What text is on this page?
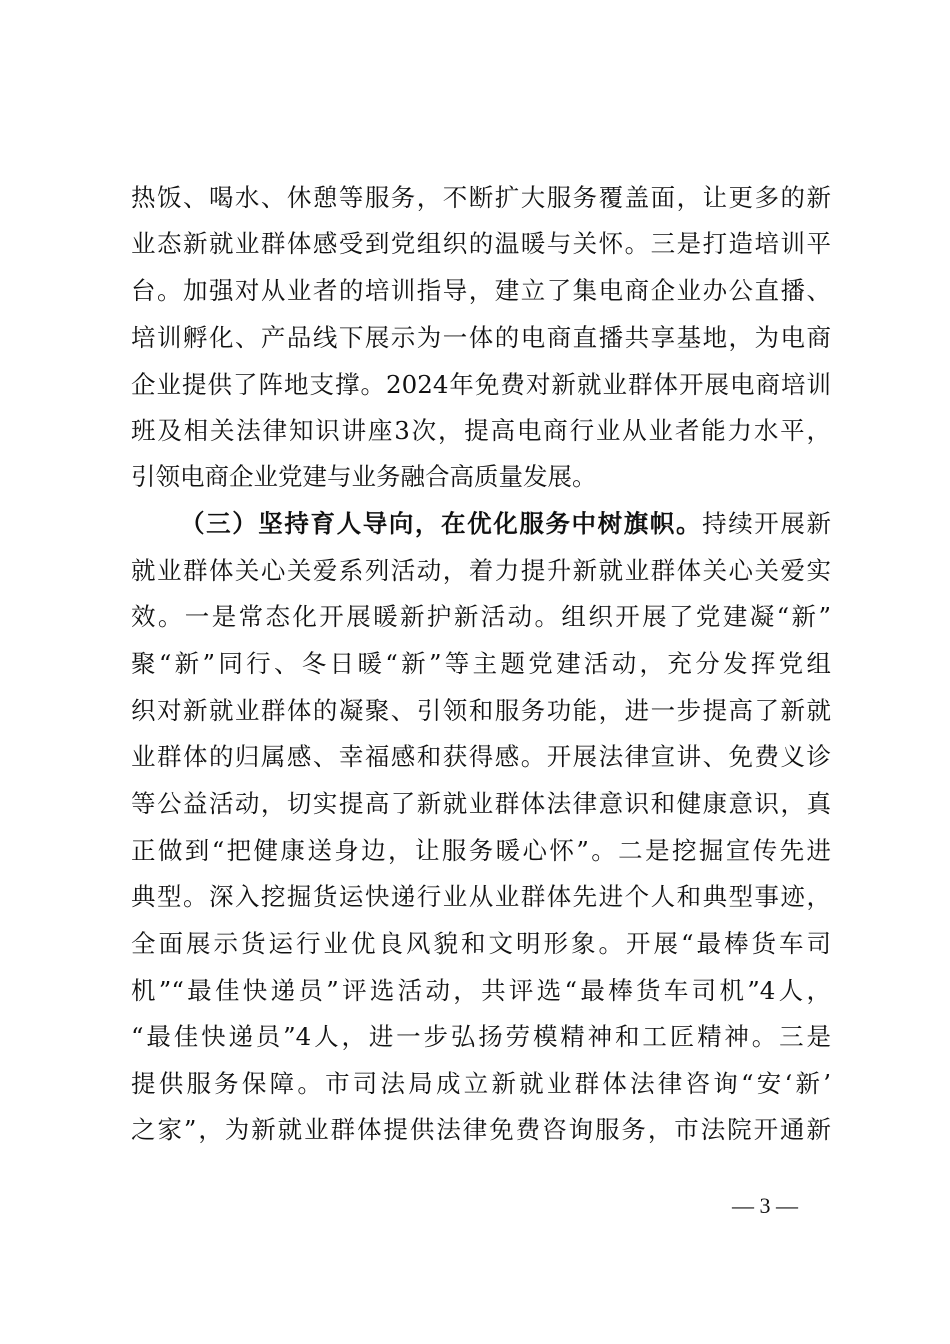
热饭、喝水、休憩等服务，不断扩大服务覆盖面，让更多的新
业态新就业群体感受到党组织的温暖与关怀。三是打造培训平
台。加强对从业者的培训指导，建立了集电商企业办公直播、
培训孵化、产品线下展示为一体的电商直播共享基地，为电商
企业提供了阵地支撑。2024年免费对新就业群体开展电商培训
班及相关法律知识讲座3次，提高电商行业从业者能力水平，
引领电商企业党建与业务融合高质量发展。
（三）坚持育人导向，在优化服务中树旗帜。持续开展新
就业群体关心关爱系列活动，着力提升新就业群体关心关爱实
效。一是常态化开展暖新护新活动。组织开展了党建凝“新”
聚“新”同行、冬日暖“新”等主题党建活动，充分发挥党组
织对新就业群体的凝聚、引领和服务功能，进一步提高了新就
业群体的归属感、幸福感和获得感。开展法律宣讲、免费义诊
等公益活动，切实提高了新就业群体法律意识和健康意识，真
正做到“把健康送身边，让服务暖心怀”。二是挖掘宣传先进
典型。深入挖掘货运快递行业从业群体先进个人和典型事迹，
全面展示货运行业优良风貌和文明形象。开展“最棒货车司
机”“最佳快递员”评选活动，共评选“最棒货车司机”4人，
“最佳快递员”4人，进一步弘扬劳模精神和工匠精神。三是
提供服务保障。市司法局成立新就业群体法律咨询“安‘新’
之家”，为新就业群体提供法律免费咨询服务，市法院开通新
— 3 —
